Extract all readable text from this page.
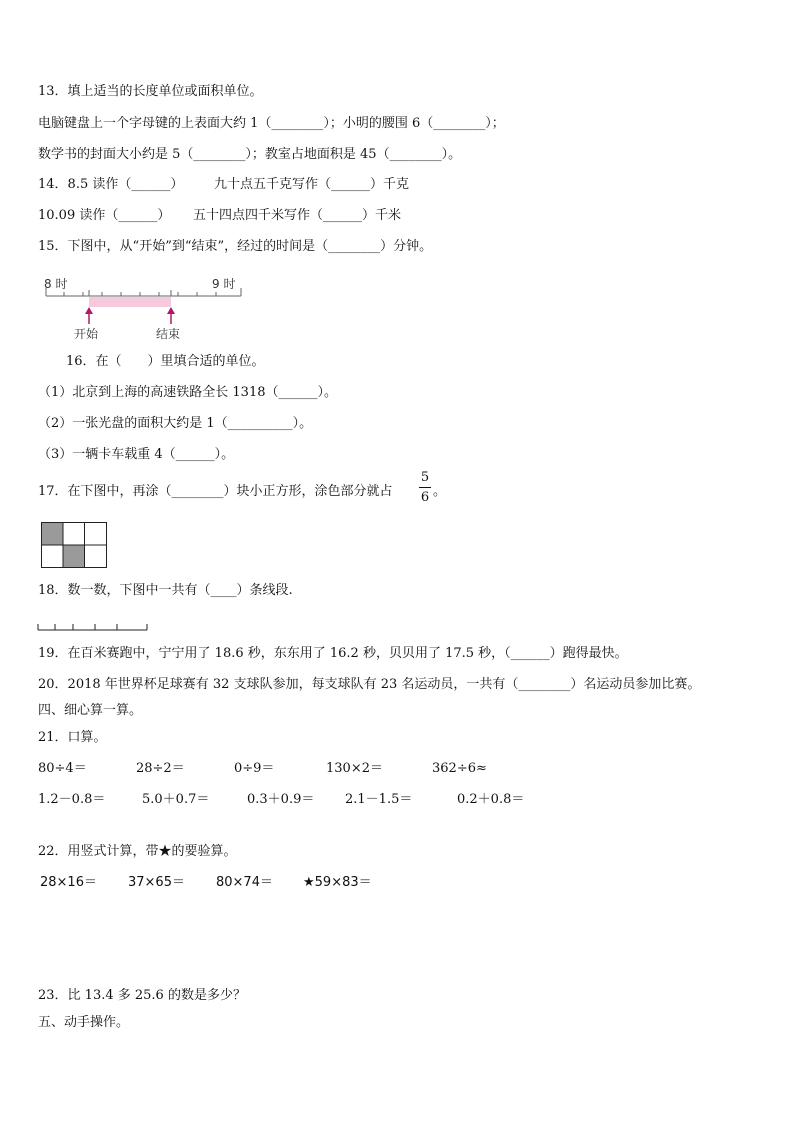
13．填上适当的长度单位或面积单位。
电脑键盘上一个字母键的上表面大约 1（________）；小明的腰围 6（________）；
数学书的封面大小约是 5（________）；教室占地面积是 45（________）。
14．8.5 读作（______） 九十点五千克写作（______）千克
10.09 读作（______） 五十四点四千米写作（______）千米
15．下图中，从“开始”到“结束”，经过的时间是（________）分钟。
8 时	9 时
开始	结束
16．在（　　）里填合适的单位。
（1）北京到上海的高速铁路全长 1318（______）。
（2）一张光盘的面积大约是 1（__________）。
（3）一辆卡车载重 4（______）。
17．在下图中，再涂（________）块小正方形，涂色部分就占
5
6 。
18．数一数，下图中一共有（____）条线段.
19．在百米赛跑中，宁宁用了 18.6 秒，东东用了 16.2 秒，贝贝用了 17.5 秒，（______）跑得最快。
20．2018 年世界杯足球赛有 32 支球队参加，每支球队有 23 名运动员，一共有（________）名运动员参加比赛。
四、细心算一算。
21．口算。
80÷4＝	28÷2＝	0÷9＝	130×2＝	362÷6≈
1.2－0.8＝	5.0＋0.7＝	0.3＋0.9＝ 2.1－1.5＝	0.2＋0.8＝
22．用竖式计算，带★的要验算。
28×16＝ 37×65＝ 80×74＝ ★59×83＝
23．比 13.4 多 25.6 的数是多少？
五、动手操作。
